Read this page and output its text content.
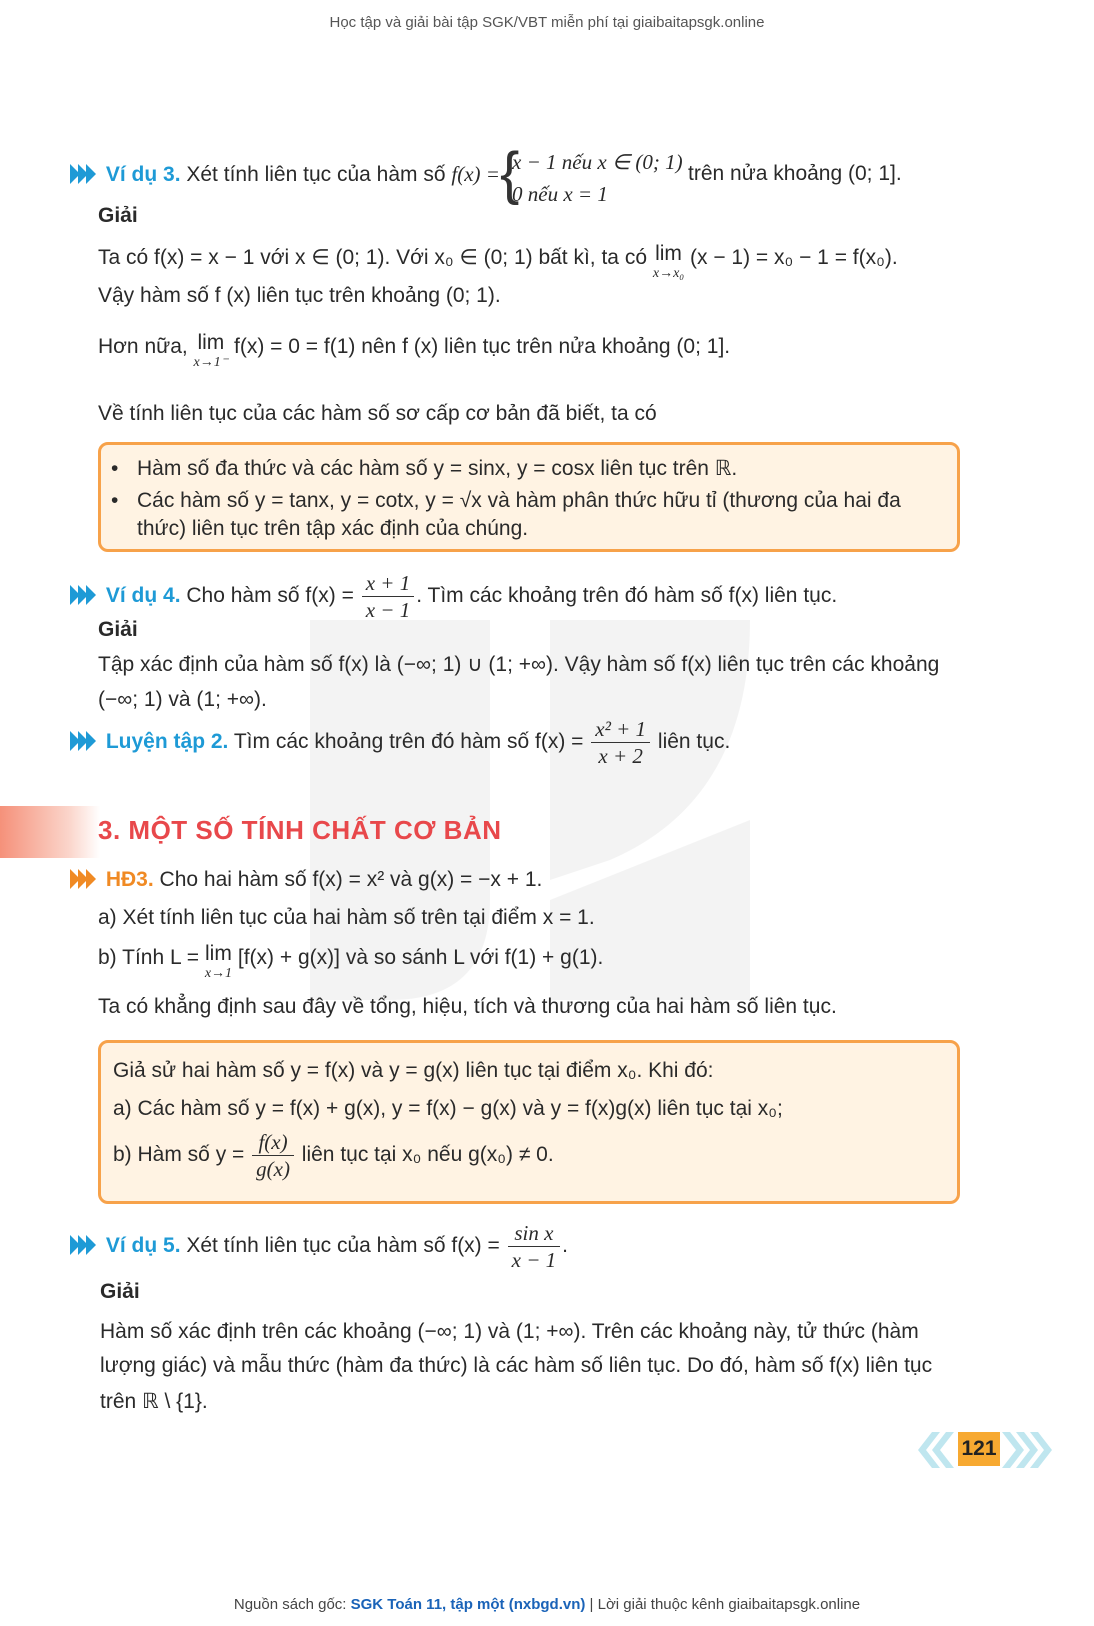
Học tập và giải bài tập SGK/VBT miễn phí tại giaibaitapsgk.online
Ví dụ 3. Xét tính liên tục của hàm số f(x) = {
x − 1 nếu x ∈ (0; 1)
0 nếu x = 1
trên nửa khoảng (0; 1].
Giải
Ta có f(x) = x − 1 với x ∈ (0; 1). Với x₀ ∈ (0; 1) bất kì, ta có lim
x→x₀
(x − 1) = x₀ − 1 = f(x₀).
Vậy hàm số f (x) liên tục trên khoảng (0; 1).
Hơn nữa, lim
x→1⁻
f(x) = 0 = f(1) nên f (x) liên tục trên nửa khoảng (0; 1].
Về tính liên tục của các hàm số sơ cấp cơ bản đã biết, ta có
• Hàm số đa thức và các hàm số y = sinx, y = cosx liên tục trên ℝ.
• Các hàm số y = tanx, y = cotx, y = √x và hàm phân thức hữu tỉ (thương của hai đa
thức) liên tục trên tập xác định của chúng.
Ví dụ 4. Cho hàm số $f(x) = \frac{x + 1}{x - 1}$ . Tìm các khoảng trên đó hàm số f(x) liên tục.
Giải
Tập xác định của hàm số f(x) là (−∞; 1) ∪ (1; +∞). Vậy hàm số f(x) liên tục trên các khoảng
(−∞; 1) và (1; +∞).
Luyện tập 2. Tìm các khoảng trên đó hàm số $f(x) = \frac{\text{x² + 1}}{x + 2}$ liên tục.
3. MỘT SỐ TÍNH CHẤT CƠ BẢN
HĐ3. Cho hai hàm số f(x) = x² và g(x) = −x + 1.
a) Xét tính liên tục của hai hàm số trên tại điểm x = 1.
b) Tính L = lim
x→1
[f(x) + g(x)] và so sánh L với f(1) + g(1).
Ta có khẳng định sau đây về tổng, hiệu, tích và thương của hai hàm số liên tục.
Giả sử hai hàm số y = f(x) và y = g(x) liên tục tại điểm x₀. Khi đó:
a) Các hàm số y = f(x) + g(x), y = f(x) − g(x) và y = f(x)g(x) liên tục tại x₀;
b) Hàm số $y = \frac{f(x)}{g(x)}$ liên tục tại x₀ nếu g(x₀) ≠ 0.
Ví dụ 5. Xét tính liên tục của hàm số $f(x) = \frac{\text{sin x}}{x - 1}$ .
Giải
Hàm số xác định trên các khoảng (−∞; 1) và (1; +∞). Trên các khoảng này, tử thức (hàm
lượng giác) và mẫu thức (hàm đa thức) là các hàm số liên tục. Do đó, hàm số f(x) liên tục
trên ℝ \ {1}.
121
Nguồn sách gốc: SGK Toán 11, tập một (nxbgd.vn) | Lời giải thuộc kênh giaibaitapsgk.online
